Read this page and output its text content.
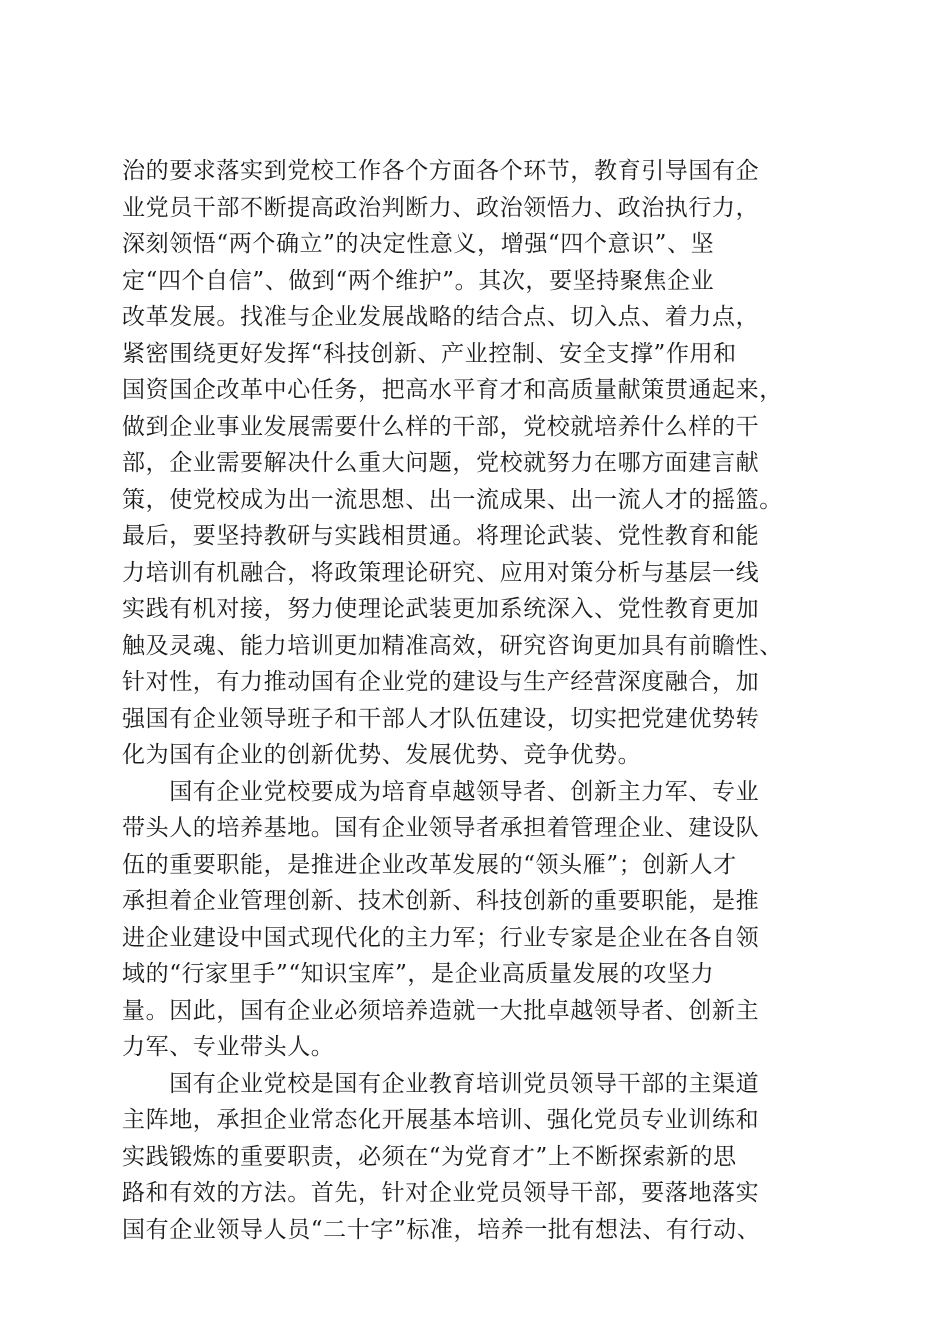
治的要求落实到党校工作各个方面各个环节，教育引导国有企
业党员干部不断提高政治判断力、政治领悟力、政治执行力，
深刻领悟“两个确立”的决定性意义，增强“四个意识”、坚
定“四个自信”、做到“两个维护”。其次，要坚持聚焦企业
改革发展。找准与企业发展战略的结合点、切入点、着力点，
紧密围绕更好发挥“科技创新、产业控制、安全支撑”作用和
国资国企改革中心任务，把高水平育才和高质量献策贯通起来，
做到企业事业发展需要什么样的干部，党校就培养什么样的干
部，企业需要解决什么重大问题，党校就努力在哪方面建言献
策，使党校成为出一流思想、出一流成果、出一流人才的摇篮。
最后，要坚持教研与实践相贯通。将理论武装、党性教育和能
力培训有机融合，将政策理论研究、应用对策分析与基层一线
实践有机对接，努力使理论武装更加系统深入、党性教育更加
触及灵魂、能力培训更加精准高效，研究咨询更加具有前瞻性、
针对性，有力推动国有企业党的建设与生产经营深度融合，加
强国有企业领导班子和干部人才队伍建设，切实把党建优势转
化为国有企业的创新优势、发展优势、竞争优势。
　　国有企业党校要成为培育卓越领导者、创新主力军、专业
带头人的培养基地。国有企业领导者承担着管理企业、建设队
伍的重要职能，是推进企业改革发展的“领头雁”；创新人才
承担着企业管理创新、技术创新、科技创新的重要职能，是推
进企业建设中国式现代化的主力军；行业专家是企业在各自领
域的“行家里手”“知识宝库”，是企业高质量发展的攻坚力
量。因此，国有企业必须培养造就一大批卓越领导者、创新主
力军、专业带头人。
　　国有企业党校是国有企业教育培训党员领导干部的主渠道
主阵地，承担企业常态化开展基本培训、强化党员专业训练和
实践锻炼的重要职责，必须在“为党育才”上不断探索新的思
路和有效的方法。首先，针对企业党员领导干部，要落地落实
国有企业领导人员“二十字”标准，培养一批有想法、有行动、
